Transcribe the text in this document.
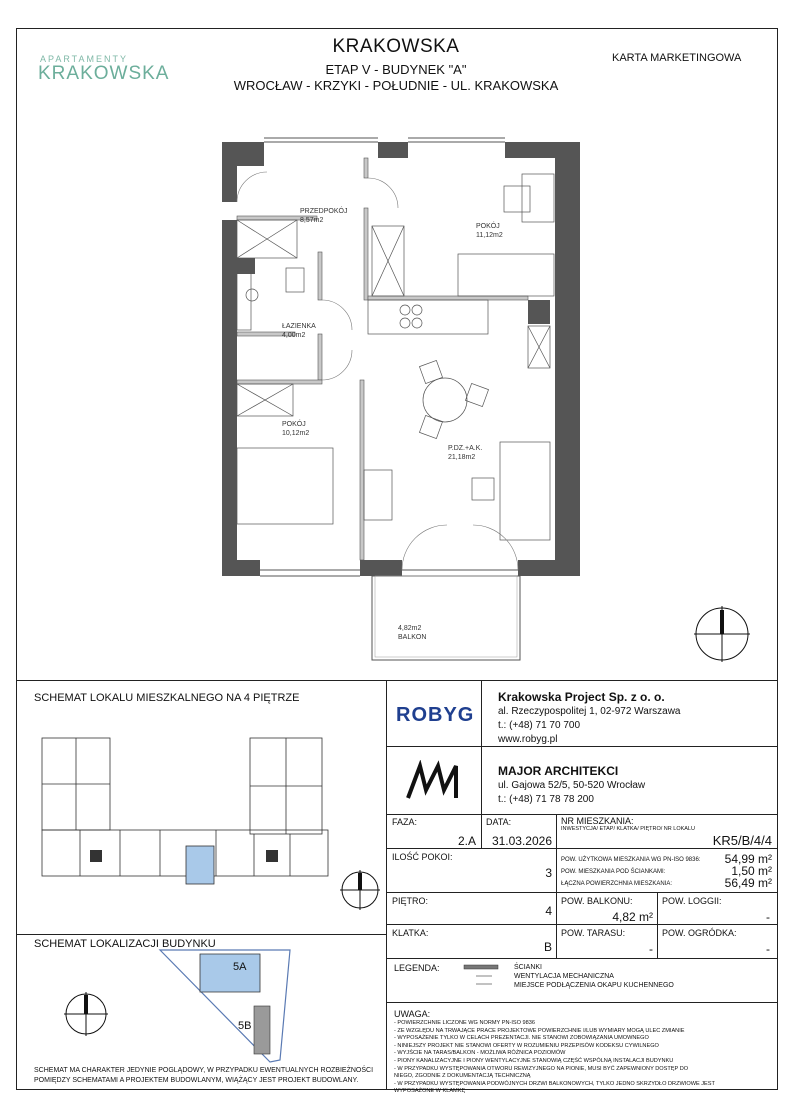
APARTAMENTY
KRAKOWSKA
KRAKOWSKA
ETAP V - BUDYNEK "A"
WROCŁAW - KRZYKI - POŁUDNIE - UL. KRAKOWSKA
KARTA MARKETINGOWA
PRZEDPOKÓJ
8,57m2
POKÓJ
11,12m2
ŁAZIENKA
4,00m2
POKÓJ
10,12m2
P.DZ.+A.K.
21,18m2
4,82m2
BALKON
SCHEMAT LOKALU MIESZKALNEGO NA 4 PIĘTRZE
SCHEMAT LOKALIZACJI BUDYNKU
5A
5B
SCHEMAT MA CHARAKTER JEDYNIE POGLĄDOWY, W PRZYPADKU EWENTUALNYCH ROZBIEŻNOŚCI POMIĘDZY SCHEMATAMI A PROJEKTEM BUDOWLANYM, WIĄŻĄCY JEST PROJEKT BUDOWLANY.
ROBYG
Krakowska Project Sp. z o. o.
al. Rzeczypospolitej 1, 02-972 Warszawa
t.: (+48) 71 70 700
www.robyg.pl
MAJOR ARCHITEKCI
ul. Gajowa 52/5, 50-520 Wrocław
t.: (+48) 71 78 78 200
FAZA:
2.A
DATA:
31.03.2026
NR MIESZKANIA:
INWESTYCJA/ ETAP/ KLATKA/ PIĘTRO/ NR LOKALU
KR5/B/4/4
ILOŚĆ POKOI:
3
POW. UŻYTKOWA MIESZKANIA WG PN-ISO 9836:	54,99 m²
POW. MIESZKANIA POD ŚCIANKAMI:	1,50 m²
ŁĄCZNA POWIERZCHNIA MIESZKANIA:	56,49 m²
PIĘTRO:
4
POW. BALKONU:
4,82 m²
POW. LOGGII:
-
KLATKA:
B
POW. TARASU:
-
POW. OGRÓDKA:
-
LEGENDA:	ŚCIANKI
WENTYLACJA MECHANICZNA
MIEJSCE PODŁĄCZENIA OKAPU KUCHENNEGO
UWAGA:
- POWIERZCHNIE LICZONE WG NORMY PN-ISO 9836
- ZE WZGLĘDU NA TRWAJĄCE PRACE PROJEKTOWE POWIERZCHNIE I/LUB WYMIARY MOGĄ ULEC ZMIANIE
- WYPOSAŻENIE TYLKO W CELACH PREZENTACJI. NIE STANOWI ZOBOWIĄZANIA UMOWNEGO
- NINIEJSZY PROJEKT NIE STANOWI OFERTY W ROZUMIENIU PRZEPISÓW KODEKSU CYWILNEGO
- WYJŚCIE NA TARAS/BALKON - MOŻLIWA RÓŻNICA POZIOMÓW
- PIONY KANALIZACYJNE I PIONY WENTYLACYJNE STANOWIĄ CZĘŚĆ WSPÓLNĄ INSTALACJI BUDYNKU
- W PRZYPADKU WYSTĘPOWANIA OTWORU REWIZYJNEGO NA PIONIE, MUSI BYĆ ZAPEWNIONY DOSTĘP DO
NIEGO, ZGODNIE Z DOKUMENTACJĄ TECHNICZNĄ
- W PRZYPADKU WYSTĘPOWANIA PODWÓJNYCH DRZWI BALKONOWYCH, TYLKO JEDNO SKRZYDŁO DRZWIOWE JEST
WYPOSAŻONE W KLAMKĘ
